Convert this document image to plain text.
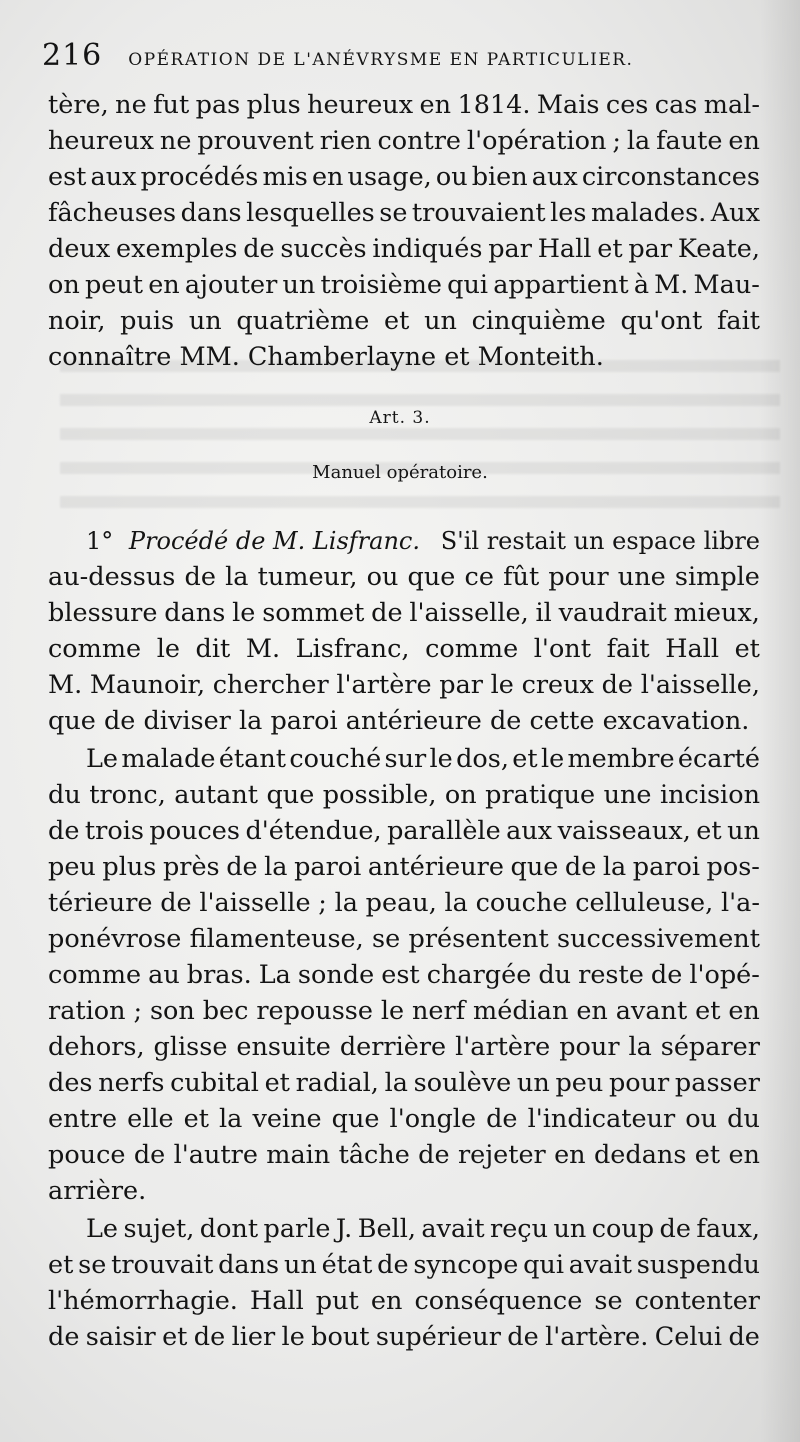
216 OPÉRATION DE L'ANÉVRYSME EN PARTICULIER.
tère, ne fut pas plus heureux en 1814. Mais ces cas mal-
heureux ne prouvent rien contre l'opération ; la faute en
est aux procédés mis en usage, ou bien aux circonstances
fâcheuses dans lesquelles se trouvaient les malades. Aux
deux exemples de succès indiqués par Hall et par Keate,
on peut en ajouter un troisième qui appartient à M. Mau-
noir, puis un quatrième et un cinquième qu'ont fait
connaître MM. Chamberlayne et Monteith.
Art. 3.
Manuel opératoire.
1° Procédé de M. Lisfranc. S'il restait un espace libre
au-dessus de la tumeur, ou que ce fût pour une simple
blessure dans le sommet de l'aisselle, il vaudrait mieux,
comme le dit M. Lisfranc, comme l'ont fait Hall et
M. Maunoir, chercher l'artère par le creux de l'aisselle,
que de diviser la paroi antérieure de cette excavation.
Le malade étant couché sur le dos, et le membre écarté
du tronc, autant que possible, on pratique une incision
de trois pouces d'étendue, parallèle aux vaisseaux, et un
peu plus près de la paroi antérieure que de la paroi pos-
térieure de l'aisselle ; la peau, la couche celluleuse, l'a-
ponévrose filamenteuse, se présentent successivement
comme au bras. La sonde est chargée du reste de l'opé-
ration ; son bec repousse le nerf médian en avant et en
dehors, glisse ensuite derrière l'artère pour la séparer
des nerfs cubital et radial, la soulève un peu pour passer
entre elle et la veine que l'ongle de l'indicateur ou du
pouce de l'autre main tâche de rejeter en dedans et en
arrière.
Le sujet, dont parle J. Bell, avait reçu un coup de faux,
et se trouvait dans un état de syncope qui avait suspendu
l'hémorrhagie. Hall put en conséquence se contenter
de saisir et de lier le bout supérieur de l'artère. Celui de
